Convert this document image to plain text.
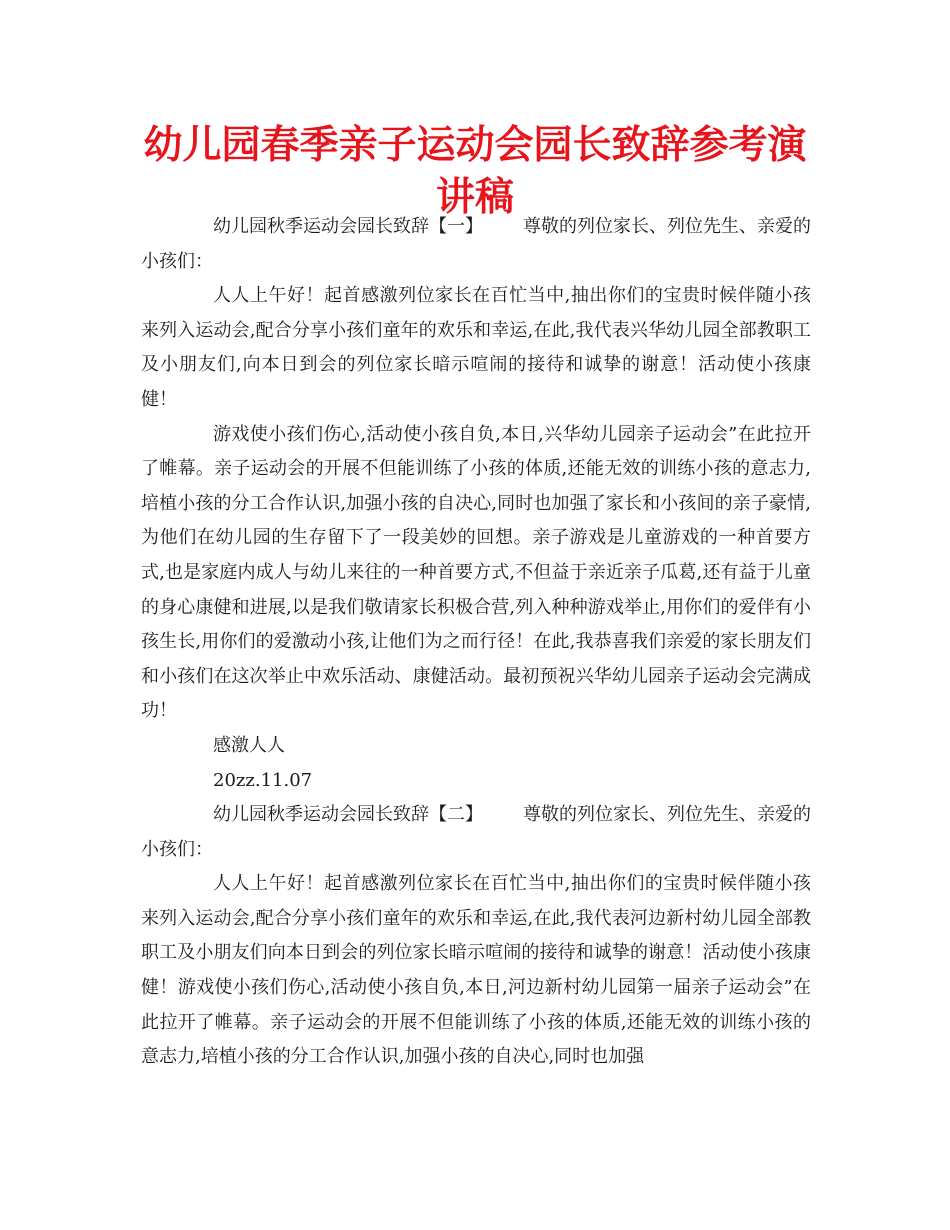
幼儿园春季亲子运动会园长致辞参考演讲稿

幼儿园秋季运动会园长致辞【一】 尊敬的列位家长、列位先生、亲爱的小孩们：

人人上午好！起首感激列位家长在百忙当中,抽出你们的宝贵时候伴随小孩来列入运动会,配合分享小孩们童年的欢乐和幸运,在此,我代表兴华幼儿园全部教职工及小朋友们,向本日到会的列位家长暗示喧闹的接待和诚挚的谢意！活动使小孩康健！

游戏使小孩们伤心,活动使小孩自负,本日,兴华幼儿园亲子运动会”在此拉开了帷幕。亲子运动会的开展不但能训练了小孩的体质,还能无效的训练小孩的意志力,培植小孩的分工合作认识,加强小孩的自决心,同时也加强了家长和小孩间的亲子豪情,为他们在幼儿园的生存留下了一段美妙的回想。亲子游戏是儿童游戏的一种首要方式,也是家庭内成人与幼儿来往的一种首要方式,不但益于亲近亲子瓜葛,还有益于儿童的身心康健和进展,以是我们敬请家长积极合营,列入种种游戏举止,用你们的爱伴有小孩生长,用你们的爱激动小孩,让他们为之而行径！在此,我恭喜我们亲爱的家长朋友们和小孩们在这次举止中欢乐活动、康健活动。最初预祝兴华幼儿园亲子运动会完满成功！

感激人人

20zz.11.07

幼儿园秋季运动会园长致辞【二】 尊敬的列位家长、列位先生、亲爱的小孩们：

人人上午好！起首感激列位家长在百忙当中,抽出你们的宝贵时候伴随小孩来列入运动会,配合分享小孩们童年的欢乐和幸运,在此,我代表河边新村幼儿园全部教职工及小朋友们向本日到会的列位家长暗示喧闹的接待和诚挚的谢意！活动使小孩康健！游戏使小孩们伤心,活动使小孩自负,本日,河边新村幼儿园第一届亲子运动会”在此拉开了帷幕。亲子运动会的开展不但能训练了小孩的体质,还能无效的训练小孩的意志力,培植小孩的分工合作认识,加强小孩的自决心,同时也加强
